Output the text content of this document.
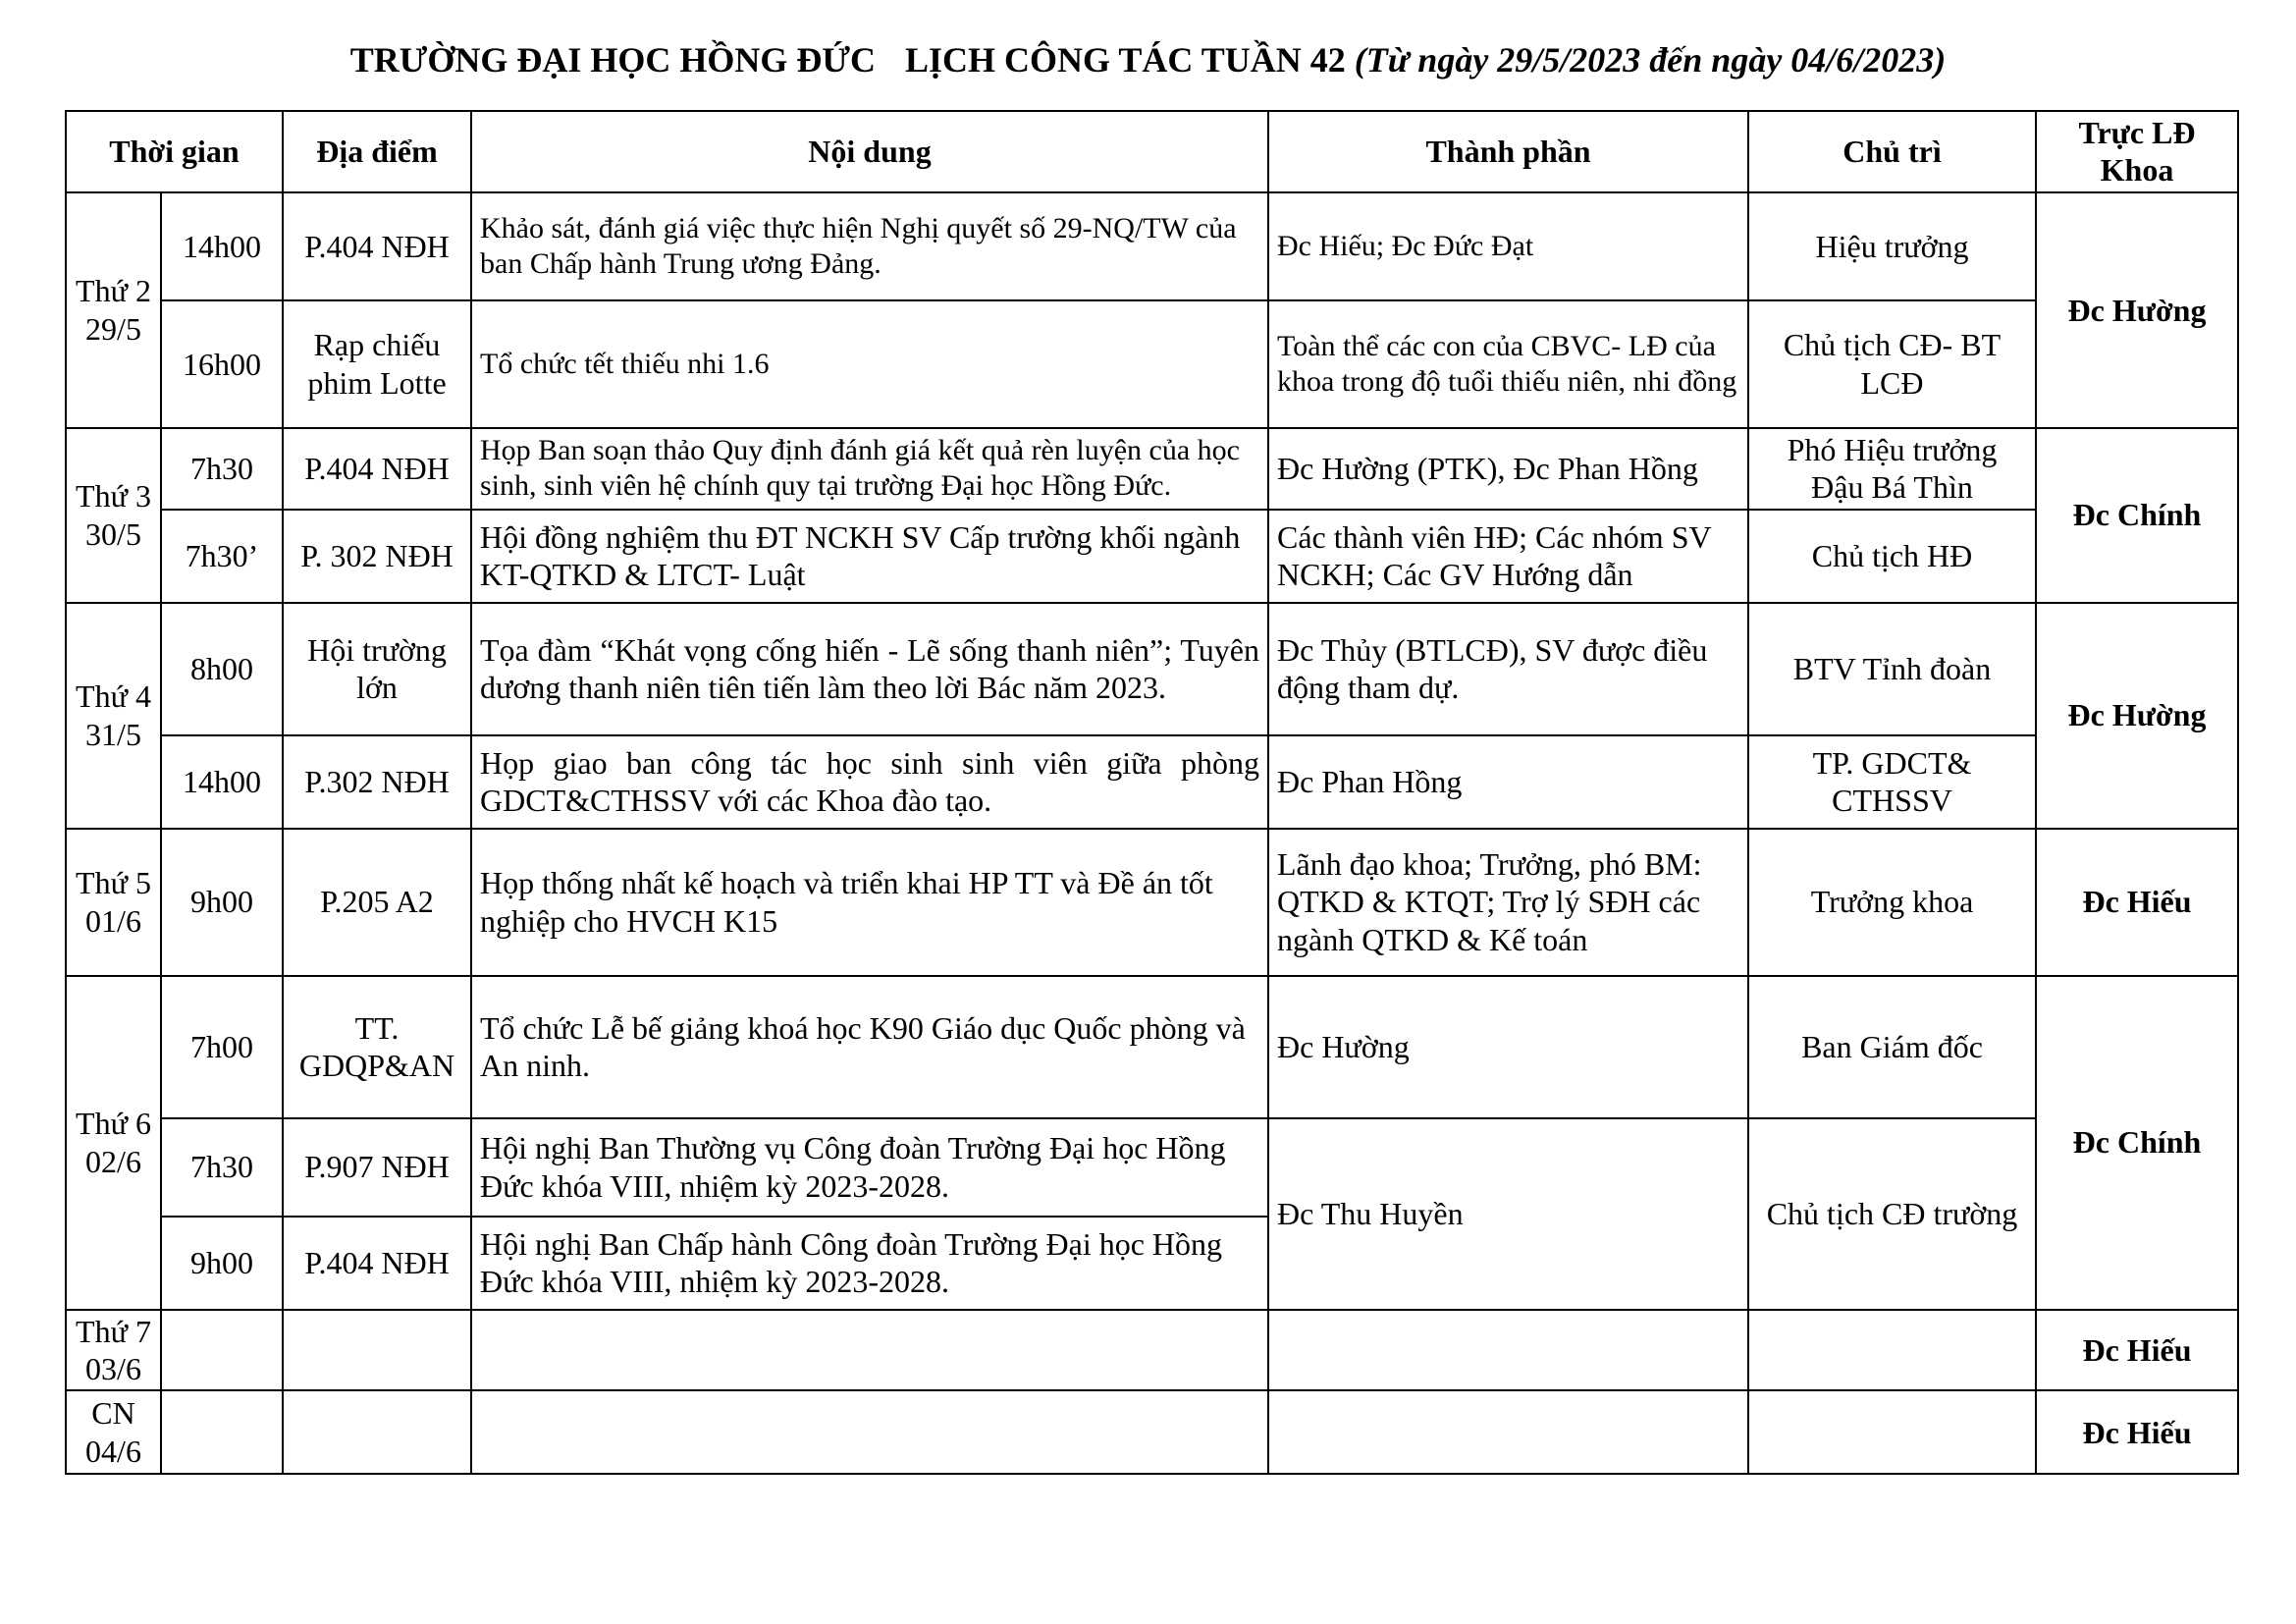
TRƯỜNG ĐẠI HỌC HỒNG ĐỨC LỊCH CÔNG TÁC TUẦN 42 (Từ ngày 29/5/2023 đến ngày 04/6/2023)
Thời gian		Địa điểm	Nội dung	Thành phần	Chủ trì	Trực LĐ Khoa
Thứ 2 29/5	14h00	P.404 NĐH	Khảo sát, đánh giá việc thực hiện Nghị quyết số 29-NQ/TW của ban Chấp hành Trung ương Đảng.	Đc Hiếu; Đc Đức Đạt	Hiệu trưởng	Đc Hường
	16h00	Rạp chiếu phim Lotte	Tổ chức tết thiếu nhi 1.6	Toàn thể các con của CBVC- LĐ của khoa trong độ tuổi thiếu niên, nhi đồng	Chủ tịch CĐ- BT LCĐ	
Thứ 3 30/5	7h30	P.404 NĐH	Họp Ban soạn thảo Quy định đánh giá kết quả rèn luyện của học sinh, sinh viên hệ chính quy tại trường Đại học Hồng Đức.	Đc Hường (PTK), Đc Phan Hồng	Phó Hiệu trưởng Đậu Bá Thìn	Đc Chính
	7h30’	P. 302 NĐH	Hội đồng nghiệm thu ĐT NCKH SV Cấp trường khối ngành KT-QTKD & LTCT- Luật	Các thành viên HĐ; Các nhóm SV NCKH; Các GV Hướng dẫn	Chủ tịch HĐ	
Thứ 4 31/5	8h00	Hội trường lớn	Tọa đàm “Khát vọng cống hiến - Lẽ sống thanh niên”; Tuyên dương thanh niên tiên tiến làm theo lời Bác năm 2023.	Đc Thủy (BTLCĐ), SV được điều động tham dự.	BTV Tỉnh đoàn	Đc Hường
	14h00	P.302 NĐH	Họp giao ban công tác học sinh sinh viên giữa phòng GDCT&CTHSSV với các Khoa đào tạo.	Đc Phan Hồng	TP. GDCT& CTHSSV	
Thứ 5 01/6	9h00	P.205 A2	Họp thống nhất kế hoạch và triển khai HP TT và Đề án tốt nghiệp cho HVCH K15	Lãnh đạo khoa; Trưởng, phó BM: QTKD & KTQT; Trợ lý SĐH các ngành QTKD & Kế toán	Trưởng khoa	Đc Hiếu
Thứ 6 02/6	7h00	TT. GDQP&AN	Tổ chức Lễ bế giảng khoá học K90 Giáo dục Quốc phòng và An ninh.	Đc Hường	Ban Giám đốc	Đc Chính
	7h30	P.907 NĐH	Hội nghị Ban Thường vụ Công đoàn Trường Đại học Hồng Đức khóa VIII, nhiệm kỳ 2023-2028.	Đc Thu Huyền	Chủ tịch CĐ trường	
	9h00	P.404 NĐH	Hội nghị Ban Chấp hành Công đoàn Trường Đại học Hồng Đức khóa VIII, nhiệm kỳ 2023-2028.			
Thứ 7 03/6						Đc Hiếu
CN 04/6						Đc Hiếu
